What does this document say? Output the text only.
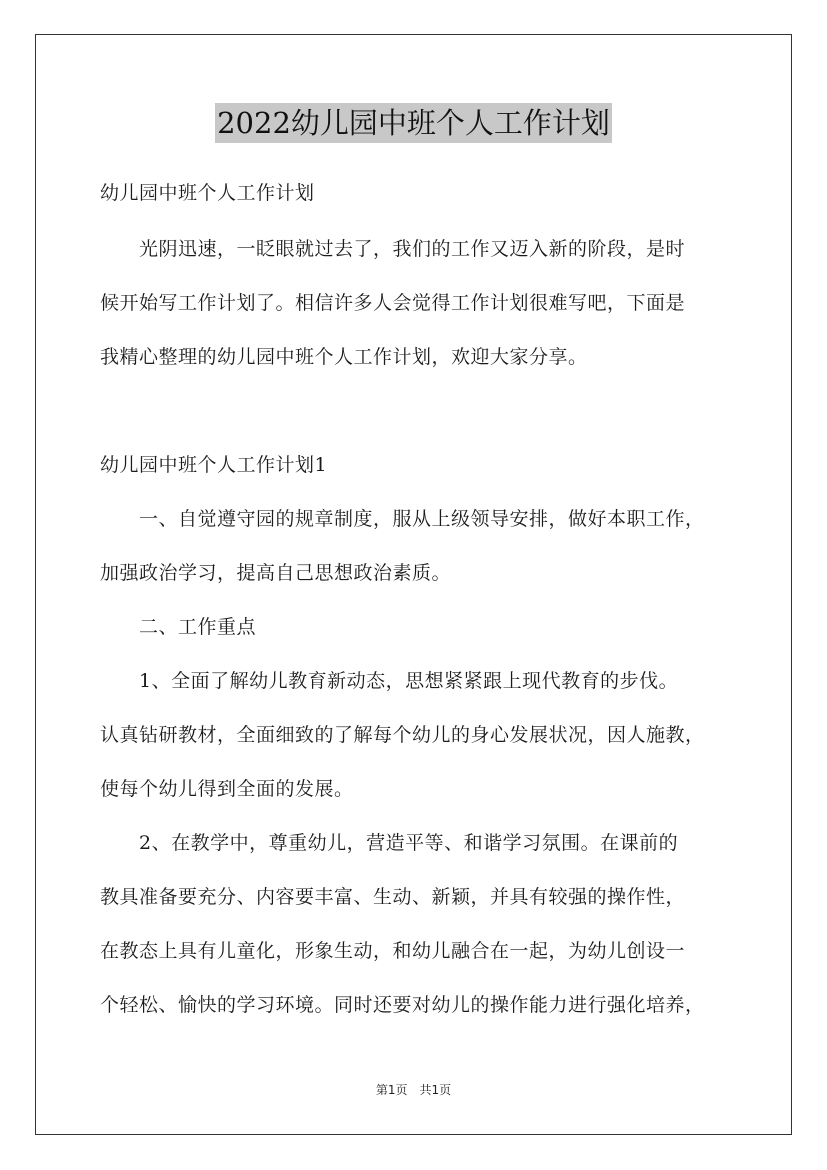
2022幼儿园中班个人工作计划
幼儿园中班个人工作计划
　　光阴迅速，一眨眼就过去了，我们的工作又迈入新的阶段，是时
候开始写工作计划了。相信许多人会觉得工作计划很难写吧，下面是
我精心整理的幼儿园中班个人工作计划，欢迎大家分享。
幼儿园中班个人工作计划1
　　一、自觉遵守园的规章制度，服从上级领导安排，做好本职工作，
加强政治学习，提高自己思想政治素质。
　　二、工作重点
　　1、全面了解幼儿教育新动态，思想紧紧跟上现代教育的步伐。
认真钻研教材，全面细致的了解每个幼儿的身心发展状况，因人施教，
使每个幼儿得到全面的发展。
　　2、在教学中，尊重幼儿，营造平等、和谐学习氛围。在课前的
教具准备要充分、内容要丰富、生动、新颖，并具有较强的操作性，
在教态上具有儿童化，形象生动，和幼儿融合在一起，为幼儿创设一
个轻松、愉快的学习环境。同时还要对幼儿的操作能力进行强化培养，
第1页　共1页
